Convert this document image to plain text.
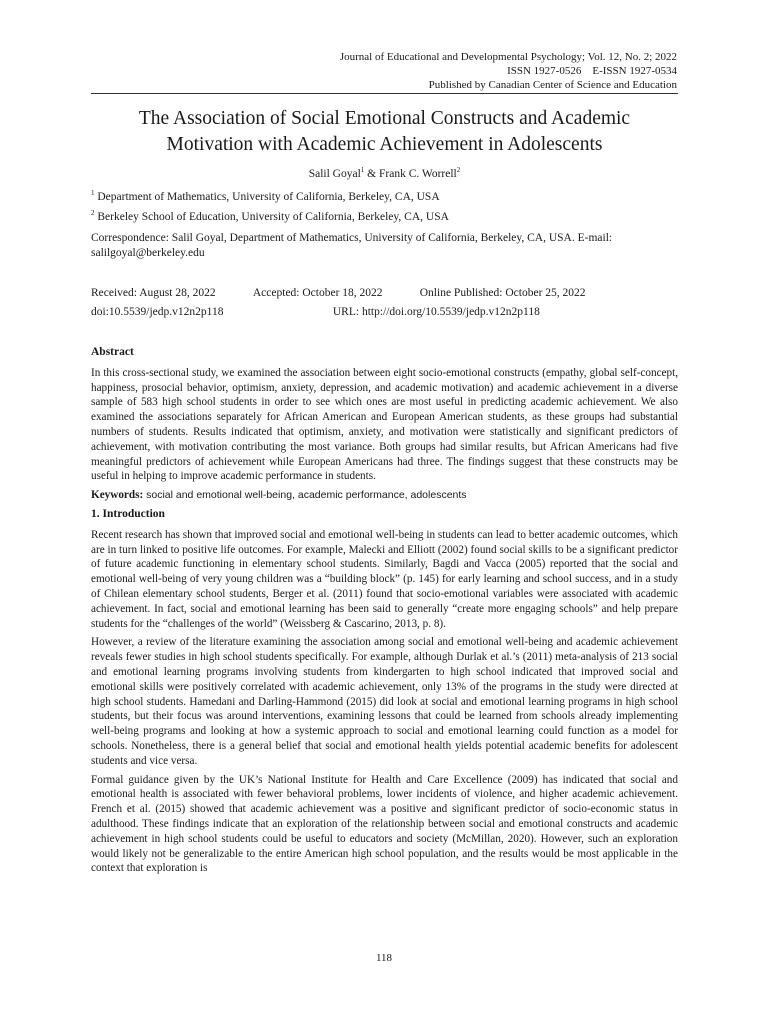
Journal of Educational and Developmental Psychology; Vol. 12, No. 2; 2022
ISSN 1927-0526    E-ISSN 1927-0534
Published by Canadian Center of Science and Education
The Association of Social Emotional Constructs and Academic
Motivation with Academic Achievement in Adolescents
Salil Goyal$^1$ & Frank C. Worrell$^2$
$^1$ Department of Mathematics, University of California, Berkeley, CA, USA
$^2$ Berkeley School of Education, University of California, Berkeley, CA, USA
Correspondence: Salil Goyal, Department of Mathematics, University of California, Berkeley, CA, USA. E-mail:
salilgoyal@berkeley.edu
Received: August 28, 2022	Accepted: October 18, 2022	Online Published: October 25, 2022
doi:10.5539/jedp.v12n2p118	URL: http://doi.org/10.5539/jedp.v12n2p118
Abstract

In this cross-sectional study, we examined the association between eight socio-emotional constructs (empathy, global self-concept, happiness, prosocial behavior, optimism, anxiety, depression, and academic motivation) and academic achievement in a diverse sample of 583 high school students in order to see which ones are most useful in predicting academic achievement. We also examined the associations separately for African American and European American students, as these groups had substantial numbers of students. Results indicated that optimism, anxiety, and motivation were statistically and significant predictors of achievement, with motivation contributing the most variance. Both groups had similar results, but African Americans had five meaningful predictors of achievement while European Americans had three. The findings suggest that these constructs may be useful in helping to improve academic performance in students.

Keywords: social and emotional well-being, academic performance, adolescents

1. Introduction

Recent research has shown that improved social and emotional well-being in students can lead to better academic outcomes, which are in turn linked to positive life outcomes. For example, Malecki and Elliott (2002) found social skills to be a significant predictor of future academic functioning in elementary school students. Similarly, Bagdi and Vacca (2005) reported that the social and emotional well-being of very young children was a “building block” (p. 145) for early learning and school success, and in a study of Chilean elementary school students, Berger et al. (2011) found that socio-emotional variables were associated with academic achievement. In fact, social and emotional learning has been said to generally “create more engaging schools” and help prepare students for the “challenges of the world” (Weissberg & Cascarino, 2013, p. 8).

However, a review of the literature examining the association among social and emotional well-being and academic achievement reveals fewer studies in high school students specifically. For example, although Durlak et al.’s (2011) meta-analysis of 213 social and emotional learning programs involving students from kindergarten to high school indicated that improved social and emotional skills were positively correlated with academic achievement, only 13% of the programs in the study were directed at high school students. Hamedani and Darling-Hammond (2015) did look at social and emotional learning programs in high school students, but their focus was around interventions, examining lessons that could be learned from schools already implementing well-being programs and looking at how a systemic approach to social and emotional learning could function as a model for schools. Nonetheless, there is a general belief that social and emotional health yields potential academic benefits for adolescent students and vice versa.

Formal guidance given by the UK’s National Institute for Health and Care Excellence (2009) has indicated that social and emotional health is associated with fewer behavioral problems, lower incidents of violence, and higher academic achievement. French et al. (2015) showed that academic achievement was a positive and significant predictor of socio-economic status in adulthood. These findings indicate that an exploration of the relationship between social and emotional constructs and academic achievement in high school students could be useful to educators and society (McMillan, 2020). However, such an exploration would likely not be generalizable to the entire American high school population, and the results would be most applicable in the context that exploration is

118
